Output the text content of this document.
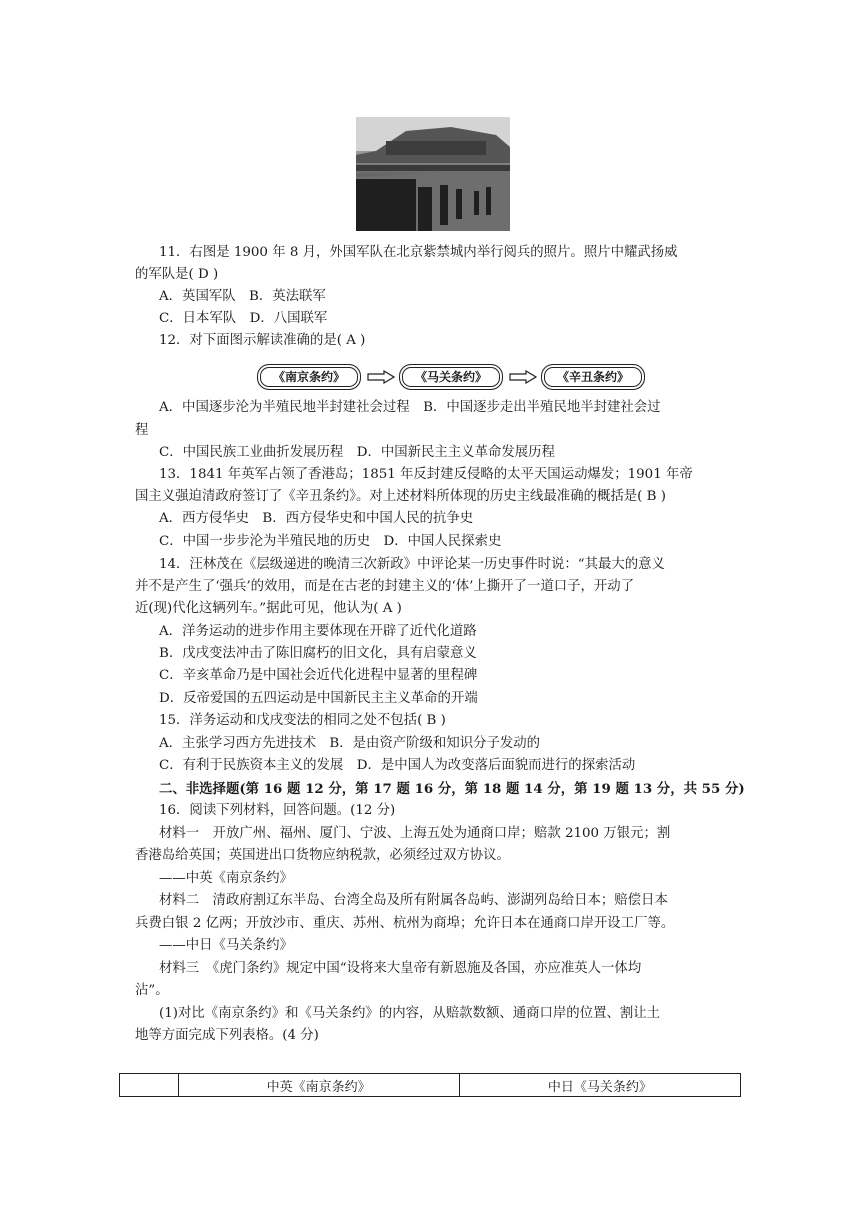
11．右图是 1900 年 8 月，外国军队在北京紫禁城内举行阅兵的照片。照片中耀武扬威
的军队是( D )
A．英国军队　B．英法联军
C．日本军队　D．八国联军
12．对下面图示解读准确的是( A )
《南京条约》	《马关条约》	《辛丑条约》
A．中国逐步沦为半殖民地半封建社会过程　B．中国逐步走出半殖民地半封建社会过
程
C．中国民族工业曲折发展历程　D．中国新民主主义革命发展历程
13．1841 年英军占领了香港岛；1851 年反封建反侵略的太平天国运动爆发；1901 年帝
国主义强迫清政府签订了《辛丑条约》。对上述材料所体现的历史主线最准确的概括是( B )
A．西方侵华史　B．西方侵华史和中国人民的抗争史
C．中国一步步沦为半殖民地的历史　D．中国人民探索史
14．汪林茂在《层级递进的晚清三次新政》中评论某一历史事件时说：“其最大的意义
并不是产生了‘强兵’的效用，而是在古老的封建主义的‘体’上撕开了一道口子，开动了
近(现)代化这辆列车。”据此可见，他认为( A )
A．洋务运动的进步作用主要体现在开辟了近代化道路
B．戊戌变法冲击了陈旧腐朽的旧文化，具有启蒙意义
C．辛亥革命乃是中国社会近代化进程中显著的里程碑
D．反帝爱国的五四运动是中国新民主主义革命的开端
15．洋务运动和戊戌变法的相同之处不包括( B )
A．主张学习西方先进技术　B．是由资产阶级和知识分子发动的
C．有利于民族资本主义的发展　D．是中国人为改变落后面貌而进行的探索活动
二、非选择题(第 16 题 12 分，第 17 题 16 分，第 18 题 14 分，第 19 题 13 分，共 55 分)
16．阅读下列材料，回答问题。(12 分)
材料一　开放广州、福州、厦门、宁波、上海五处为通商口岸；赔款 2100 万银元；割
香港岛给英国；英国进出口货物应纳税款，必须经过双方协议。
——中英《南京条约》
材料二　清政府割辽东半岛、台湾全岛及所有附属各岛屿、澎湖列岛给日本；赔偿日本
兵费白银 2 亿两；开放沙市、重庆、苏州、杭州为商埠；允许日本在通商口岸开设工厂等。
——中日《马关条约》
材料三　《虎门条约》规定中国“设将来大皇帝有新恩施及各国，亦应准英人一体均
沾”。
(1)对比《南京条约》和《马关条约》的内容，从赔款数额、通商口岸的位置、割让土
地等方面完成下列表格。(4 分)
	中英《南京条约》	中日《马关条约》
